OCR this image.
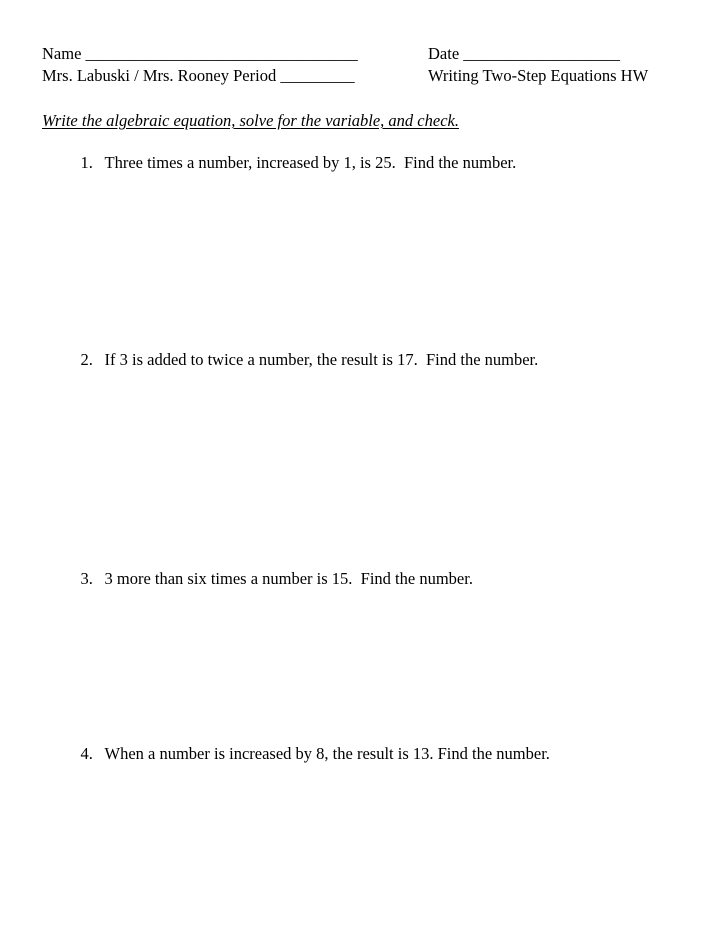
Name _________________________________	Date ___________________
Mrs. Labuski / Mrs. Rooney Period _________	Writing Two-Step Equations HW
Write the algebraic equation, solve for the variable, and check.

1. Three times a number, increased by 1, is 25.  Find the number.

2. If 3 is added to twice a number, the result is 17.  Find the number.

3. 3 more than six times a number is 15.  Find the number.

4. When a number is increased by 8, the result is 13. Find the number.
